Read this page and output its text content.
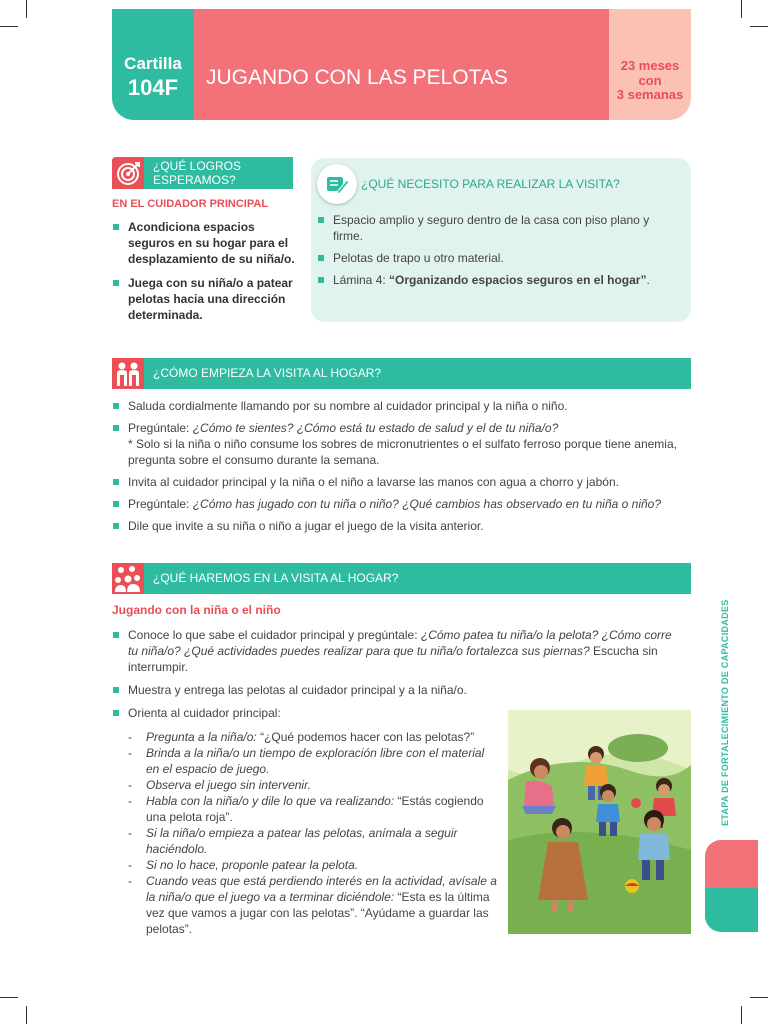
Cartilla
104F	JUGANDO CON LAS PELOTAS
23 meses
con
3 semanas
¿QUÉ LOGROS
ESPERAMOS?
EN EL CUIDADOR PRINCIPAL
Acondiciona espacios seguros en su hogar para el desplazamiento de su niña/o.
Juega con su niña/o a patear pelotas hacia una dirección determinada.
¿QUÉ NECESITO PARA REALIZAR LA VISITA?
Espacio amplio y seguro dentro de la casa con piso plano y firme.
Pelotas de trapo u otro material.
Lámina 4: “Organizando espacios seguros en el hogar”.
¿CÓMO EMPIEZA LA VISITA AL HOGAR?
Saluda cordialmente llamando por su nombre al cuidador principal y la niña o niño.
Pregúntale: ¿Cómo te sientes? ¿Cómo está tu estado de salud y el de tu niña/o?
* Solo si la niña o niño consume los sobres de micronutrientes o el sulfato ferroso porque tiene anemia, pregunta sobre el consumo durante la semana.
Invita al cuidador principal y la niña o el niño a lavarse las manos con agua a chorro y jabón.
Pregúntale: ¿Cómo has jugado con tu niña o niño? ¿Qué cambios has observado en tu niña o niño?
Dile que invite a su niña o niño a jugar el juego de la visita anterior.
¿QUÉ HAREMOS EN LA VISITA AL HOGAR?
Jugando con la niña o el niño
Conoce lo que sabe el cuidador principal y pregúntale: ¿Cómo patea tu niña/o la pelota? ¿Cómo corre tu niña/o? ¿Qué actividades puedes realizar para que tu niña/o fortalezca sus piernas? Escucha sin interrumpir.
Muestra y entrega las pelotas al cuidador principal y a la niña/o.
Orienta al cuidador principal:
- Pregunta a la niña/o: “¿Qué podemos hacer con las pelotas?”
- Brinda a la niña/o un tiempo de exploración libre con el material en el espacio de juego.
- Observa el juego sin intervenir.
- Habla con la niña/o y dile lo que va realizando: “Estás cogiendo una pelota roja”.
- Si la niña/o empieza a patear las pelotas, anímala a seguir haciéndolo.
- Si no lo hace, proponle patear la pelota.
- Cuando veas que está perdiendo interés en la actividad, avísale a la niña/o que el juego va a terminar diciéndole: “Esta es la última vez que vamos a jugar con las pelotas”. “Ayúdame a guardar las pelotas”.
ETAPA DE FORTALECIMIENTO DE CAPACIDADES
